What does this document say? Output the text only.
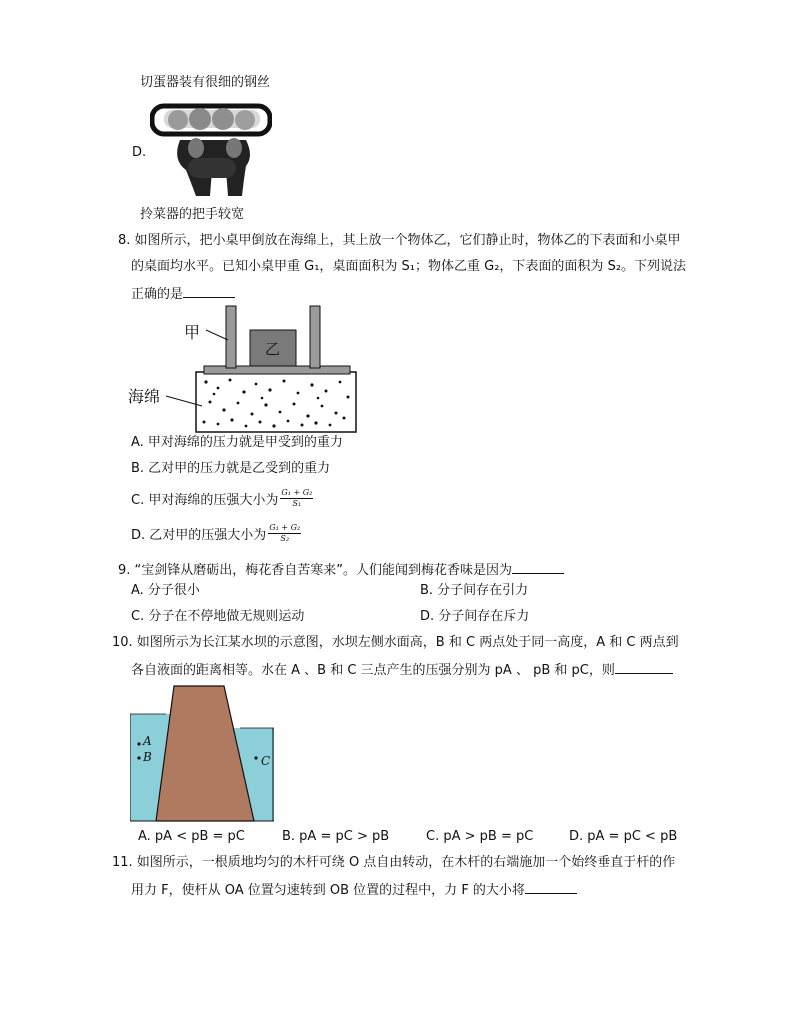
切蛋器装有很细的钢丝
D.
拎菜器的把手较宽
8. 如图所示，把小桌甲倒放在海绵上，其上放一个物体乙，它们静止时，物体乙的下表面和小桌甲
的桌面均水平。已知小桌甲重 G₁，桌面面积为 S₁；物体乙重 G₂，下表面的面积为 S₂。下列说法
正确的是
甲
乙
海绵
A. 甲对海绵的压力就是甲受到的重力
B. 乙对甲的压力就是乙受到的重力
C. 甲对海绵的压强大小为 $\frac{\text{G₁ + G₂}}{\text{S₁}}$
D. 乙对甲的压强大小为 $\frac{\text{G₁ + G₂}}{\text{S₂}}$
9. “宝剑锋从磨砺出，梅花香自苦寒来”。人们能闻到梅花香味是因为
A. 分子很小	B. 分子间存在引力
C. 分子在不停地做无规则运动	D. 分子间存在斥力
10. 如图所示为长江某水坝的示意图，水坝左侧水面高，B 和 C 两点处于同一高度，A 和 C 两点到
各自液面的距离相等。水在 A 、B 和 C 三点产生的压强分别为 pA 、 pB 和 pC，则
A
B	C
A. pA < pB = pC	B. pA = pC > pB	C. pA > pB = pC	D. pA = pC < pB
11. 如图所示，一根质地均匀的木杆可绕 O 点自由转动，在木杆的右端施加一个始终垂直于杆的作
用力 F，使杆从 OA 位置匀速转到 OB 位置的过程中，力 F 的大小将
